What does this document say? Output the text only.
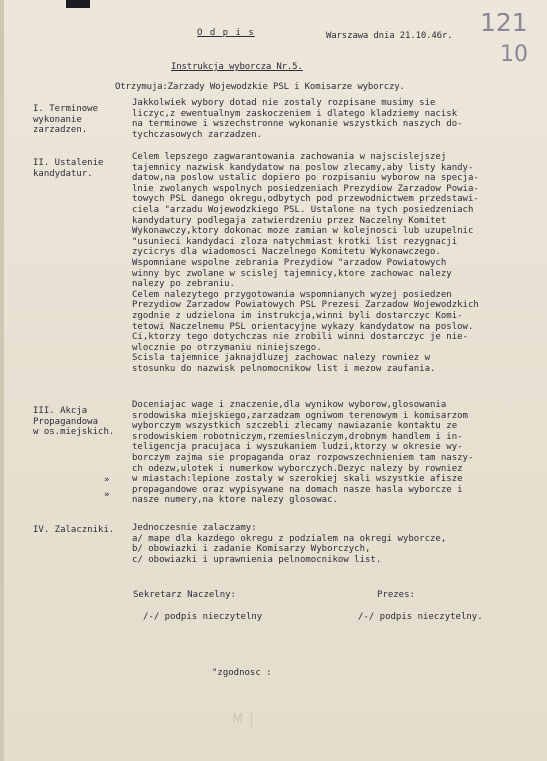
O d p i s	Warszawa dnia 21.10.46r. 121
10
Instrukcja wyborcza Nr.5.
Otrzymuja:Zarzady Wojewodzkie PSL i Komisarze wyborczy.
I. Terminowe
wykonanie
zarzadzen.
Jakkolwiek wybory dotad nie zostaly rozpisane musimy sie
liczyc,z ewentualnym zaskoczeniem i dlatego kladziemy nacisk
na terminowe i wszechstronne wykonanie wszystkich naszych do-
tychczasowych zarzadzen.
II. Ustalenie
kandydatur.
Celem lepszego zagwarantowania zachowania w najscislejszej
tajemnicy nazwisk kandydatow na poslow zlecamy,aby listy kandy-
datow,na poslow ustalic dopiero po rozpisaniu wyborow na specja-
lnie zwolanych wspolnych posiedzeniach Prezydiow Zarzadow Powia-
towych PSL danego okregu,odbytych pod przewodnictwem przedstawi-
ciela "arzadu Wojewodzkiego PSL. Ustalone na tych posiedzeniach
kandydatury podlegaja zatwierdzeniu przez Naczelny Komitet
Wykonawczy,ktory dokonac moze zamian w kolejnosci lub uzupelnic
"usunieci kandydaci zloza natychmiast krotki list rezygnacji
zycicrys dla wiadomosci Naczelnego Komitetu Wykonawczego.
Wspomniane wspolne zebrania Prezydiow "arzadow Powiatowych
winny byc zwolane w scislej tajemnicy,ktore zachowac nalezy
nalezy po zebraniu.
Celem nalezytego przygotowania wspomnianych wyzej posiedzen
Prezydiow Zarzadow Powiatowych PSL Prezesi Zarzadow Wojewodzkich
zgodnie z udzielona im instrukcja,winni byli dostarczyc Komi-
tetowi Naczelnemu PSL orientacyjne wykazy kandydatow na poslow.
Ci,ktorzy tego dotychczas nie zrobili winni dostarczyc je nie-
wlocznie po otrzymaniu niniejszego.
Scisla tajemnice jaknajdluzej zachowac nalezy rowniez w
stosunku do nazwisk pelnomocnikow list i mezow zaufania.
III. Akcja
Propagandowa
w os.miejskich.
Doceniajac wage i znaczenie,dla wynikow wyborow,glosowania
srodowiska miejskiego,zarzadzam ogniwom terenowym i komisarzom
wyborczym wszystkich szczebli zlecamy nawiazanie kontaktu ze
srodowiskiem robotniczym,rzemieslniczym,drobnym handlem i in-
teligencja pracujaca i wyszukaniem ludzi,ktorzy w okresie wy-
borczym zajma sie propaganda oraz rozpowszechnieniem tam naszy-
ch odezw,ulotek i numerkow wyborczych.Dezyc nalezy by rowniez
w miastach:lepione zostaly w szerokiej skali wszystkie afisze
propagandowe oraz wypisywane na domach nasze hasla wyborcze i
nasze numery,na ktore nalezy glosowac.
»
»
IV. Zalaczniki. Jednoczesnie zalaczamy:
a/ mape dla kazdego okregu z podzialem na okregi wyborcze,
b/ obowiazki i zadanie Komisarzy Wyborczych,
c/ obowiazki i uprawnienia pelnomocnikow list.
Sekretarz Naczelny:
/-/ podpis nieczytelny
Prezes:
/-/ podpis nieczytelny.
"zgodnosc :
M|
